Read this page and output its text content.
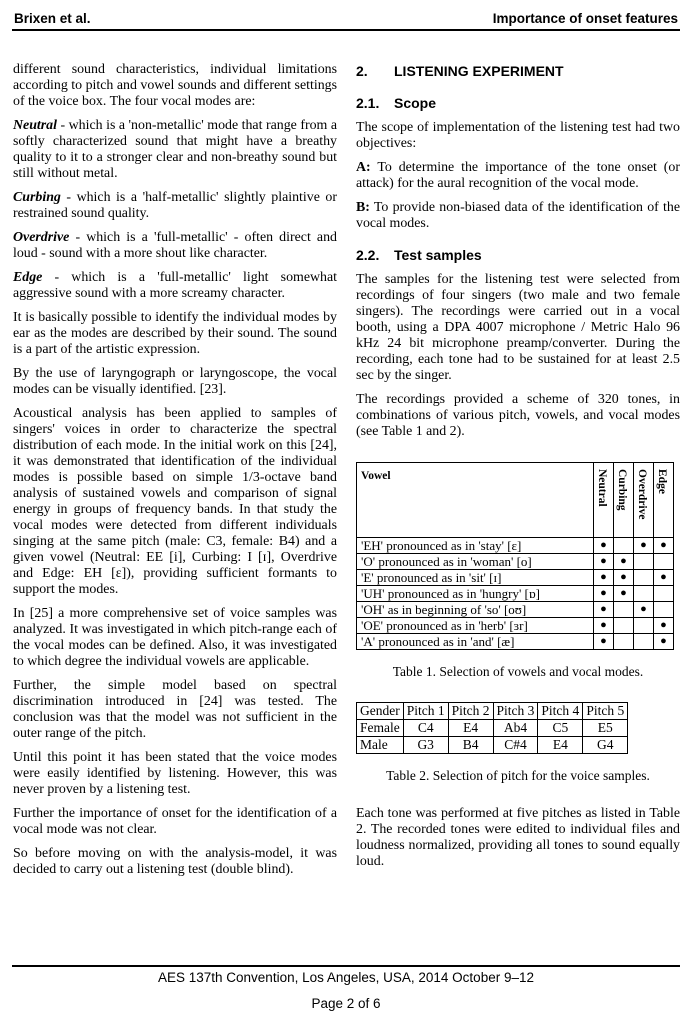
Brixen et al.	Importance of onset features

different sound characteristics, individual limitations according to pitch and vowel sounds and different settings of the voice box. The four vocal modes are:

Neutral - which is a 'non-metallic' mode that range from a softly characterized sound that might have a breathy quality to it to a stronger clear and non-breathy sound but still without metal.

Curbing - which is a 'half-metallic' slightly plaintive or restrained sound quality.

Overdrive - which is a 'full-metallic' - often direct and loud - sound with a more shout like character.

Edge - which is a 'full-metallic' light somewhat aggressive sound with a more screamy character.

It is basically possible to identify the individual modes by ear as the modes are described by their sound. The sound is a part of the artistic expression.

By the use of laryngograph or laryngoscope, the vocal modes can be visually identified. [23].

Acoustical analysis has been applied to samples of singers' voices in order to characterize the spectral distribution of each mode. In the initial work on this [24], it was demonstrated that identification of the individual modes is possible based on simple 1/3-octave band analysis of sustained vowels and comparison of signal energy in groups of frequency bands. In that study the vocal modes were detected from different individuals singing at the same pitch (male: C3, female: B4) and a given vowel (Neutral: EE [i], Curbing: I [ɪ], Overdrive and Edge: EH [ɛ]), providing sufficient formants to support the modes.

In [25] a more comprehensive set of voice samples was analyzed. It was investigated in which pitch-range each of the vocal modes can be defined. Also, it was investigated to which degree the individual vowels are applicable.

Further, the simple model based on spectral discrimination introduced in [24] was tested. The conclusion was that the model was not sufficient in the outer range of the pitch.

Until this point it has been stated that the voice modes were easily identified by listening. However, this was never proven by a listening test.

Further the importance of onset for the identification of a vocal mode was not clear.

So before moving on with the analysis-model, it was decided to carry out a listening test (double blind).

2. LISTENING EXPERIMENT
2.1. Scope

The scope of implementation of the listening test had two objectives:

A: To determine the importance of the tone onset (or attack) for the aural recognition of the vocal mode.

B: To provide non-biased data of the identification of the vocal modes.

2.2. Test samples

The samples for the listening test were selected from recordings of four singers (two male and two female singers). The recordings were carried out in a vocal booth, using a DPA 4007 microphone / Metric Halo 96 kHz 24 bit microphone preamp/converter. During the recording, each tone had to be sustained for at least 2.5 sec by the singer.

The recordings provided a scheme of 320 tones, in combinations of various pitch, vowels, and vocal modes (see Table 1 and 2).

Vowel	Neutral	Curbing	Overdrive	Edge

'EH' pronounced as in 'stay' [ɛ]	●		●	●
'O' pronounced as in 'woman' [o]	●	●		
'E' pronounced as in 'sit' [ɪ]	●	●		●
'UH' pronounced as in 'hungry' [ɒ]	●	●		
'OH' as in beginning of 'so' [oʊ]	●		●	
'OE' pronounced as in 'herb' [ɜr]	●			●
'A' pronounced as in 'and' [æ]	●			●
Table 1. Selection of vowels and vocal modes.
Gender	Pitch 1	Pitch 2	Pitch 3	Pitch 4	Pitch 5
Female	C4	E4	Ab4	C5	E5
Male	G3	B4	C#4	E4	G4
Table 2. Selection of pitch for the voice samples.

Each tone was performed at five pitches as listed in Table 2. The recorded tones were edited to individual files and loudness normalized, providing all tones to sound equally loud.

AES 137th Convention, Los Angeles, USA, 2014 October 9–12
Page 2 of 6
